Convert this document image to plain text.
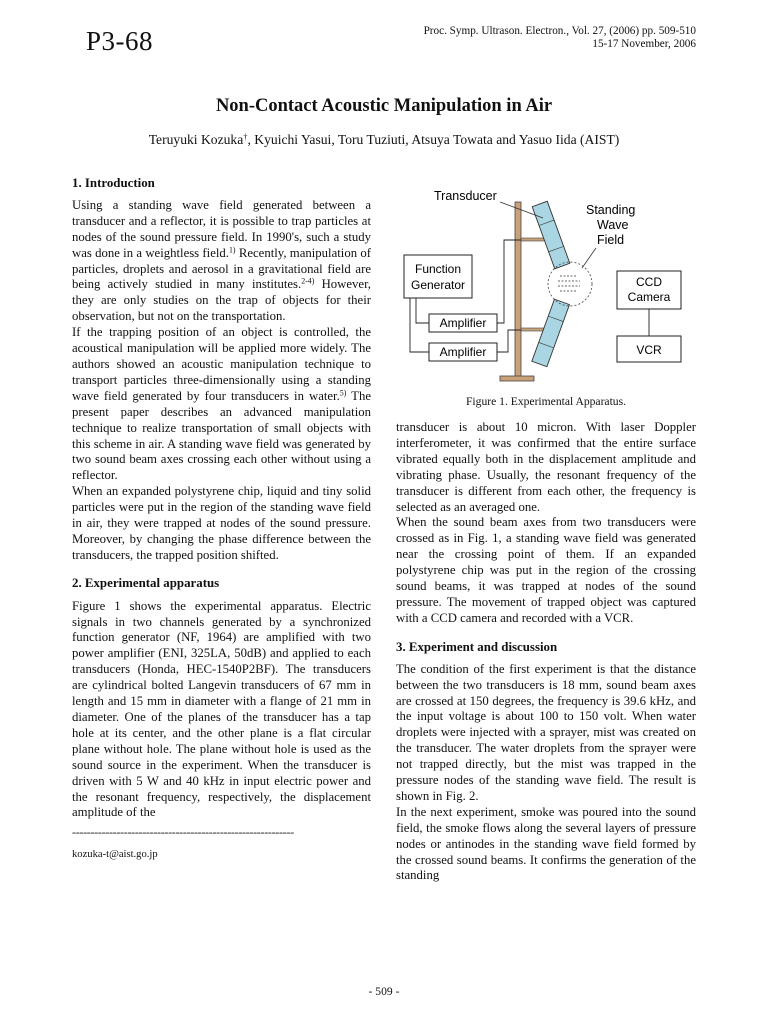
P3-68	Proc. Symp. Ultrason. Electron., Vol. 27, (2006) pp. 509-510
15-17 November, 2006
Non-Contact Acoustic Manipulation in Air
Teruyuki Kozuka†, Kyuichi Yasui, Toru Tuziuti, Atsuya Towata and Yasuo Iida (AIST)
1. Introduction

Using a standing wave field generated between a transducer and a reflector, it is possible to trap particles at nodes of the sound pressure field. In 1990's, such a study was done in a weightless field.$^{1)}$ Recently, manipulation of particles, droplets and aerosol in a gravitational field are being actively studied in many institutes.$^{2-4)}$ However, they are only studies on the trap of objects for their observation, but not on the transportation.

If the trapping position of an object is controlled, the acoustical manipulation will be applied more widely. The authors showed an acoustic manipulation technique to transport particles three-dimensionally using a standing wave field generated by four transducers in water.$^{5)}$ The present paper describes an advanced manipulation technique to realize transportation of small objects with this scheme in air. A standing wave field was generated by two sound beam axes crossing each other without using a reflector.

When an expanded polystyrene chip, liquid and tiny solid particles were put in the region of the standing wave field in air, they were trapped at nodes of the sound pressure. Moreover, by changing the phase difference between the transducers, the trapped position shifted.

2. Experimental apparatus

Figure 1 shows the experimental apparatus. Electric signals in two channels generated by a synchronized function generator (NF, 1964) are amplified with two power amplifier (ENI, 325LA, 50dB) and applied to each transducers (Honda, HEC-1540P2BF). The transducers are cylindrical bolted Langevin transducers of 67 mm in length and 15 mm in diameter with a flange of 21 mm in diameter. One of the planes of the transducer has a tap hole at its center, and the other plane is a flat circular plane without hole. The plane without hole is used as the sound source in the experiment. When the transducer is driven with 5 W and 40 kHz in input electric power and the resonant frequency, respectively, the displacement amplitude of the

------------------------------------------------------------
kozuka-t@aist.go.jp
Transducer
Standing
Wave
Field
Function
Generator
Amplifier
Amplifier
CCD
Camera
VCR
Figure 1. Experimental Apparatus.

transducer is about 10 micron. With laser Doppler interferometer, it was confirmed that the entire surface vibrated equally both in the displacement amplitude and vibrating phase. Usually, the resonant frequency of the transducer is different from each other, the frequency is selected as an averaged one.

When the sound beam axes from two transducers were crossed as in Fig. 1, a standing wave field was generated near the crossing point of them. If an expanded polystyrene chip was put in the region of the crossing sound beams, it was trapped at nodes of the sound pressure. The movement of trapped object was captured with a CCD camera and recorded with a VCR.

3. Experiment and discussion

The condition of the first experiment is that the distance between the two transducers is 18 mm, sound beam axes are crossed at 150 degrees, the frequency is 39.6 kHz, and the input voltage is about 100 to 150 volt. When water droplets were injected with a sprayer, mist was created on the transducer. The water droplets from the sprayer were not trapped directly, but the mist was trapped in the pressure nodes of the standing wave field. The result is shown in Fig. 2.

In the next experiment, smoke was poured into the sound field, the smoke flows along the several layers of pressure nodes or antinodes in the standing wave field formed by the crossed sound beams. It confirms the generation of the standing

- 509 -
